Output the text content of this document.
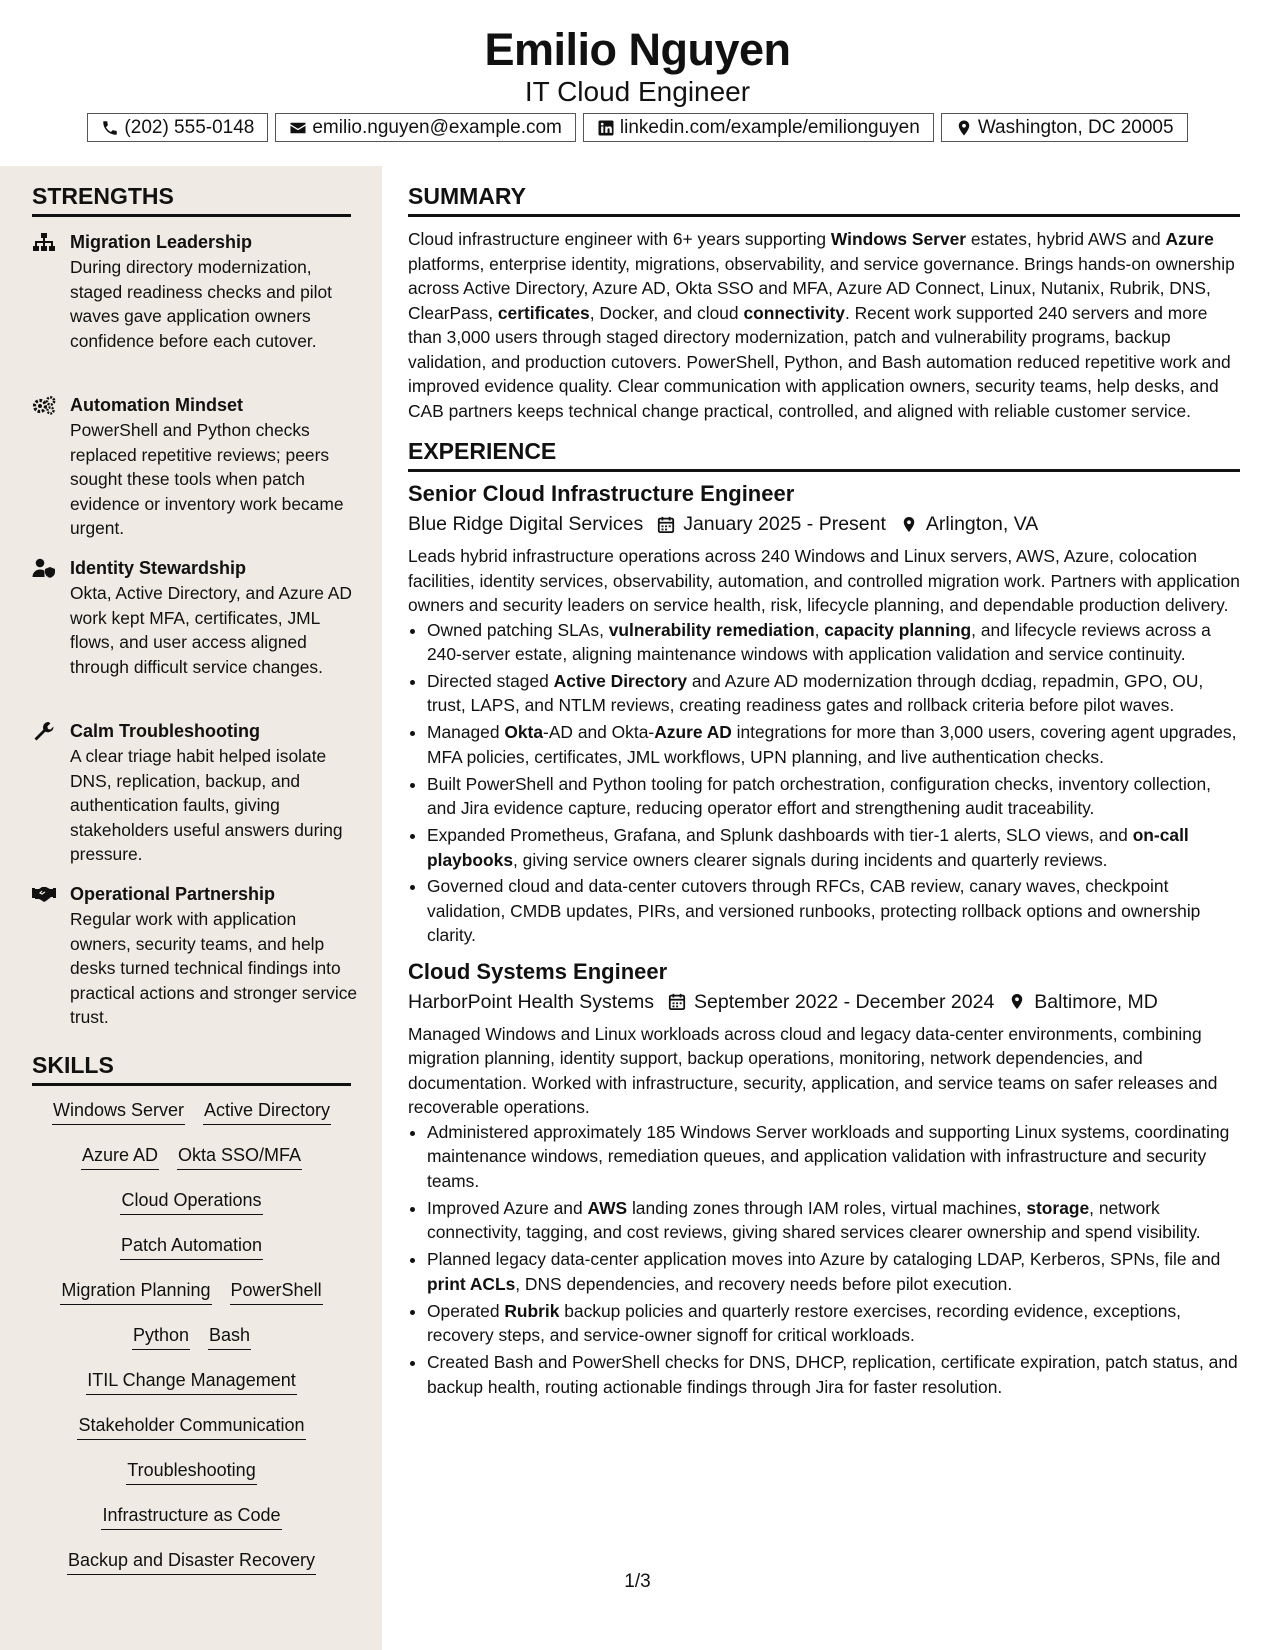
Emilio Nguyen
IT Cloud Engineer
(202) 555-0148	emilio.nguyen@example.com	linkedin.com/example/emilionguyen	Washington, DC 20005
STRENGTHS
Migration Leadership
During directory modernization, staged readiness checks and pilot waves gave application owners confidence before each cutover.
Automation Mindset
PowerShell and Python checks replaced repetitive reviews; peers sought these tools when patch evidence or inventory work became urgent.
Identity Stewardship
Okta, Active Directory, and Azure AD work kept MFA, certificates, JML flows, and user access aligned through difficult service changes.
Calm Troubleshooting
A clear triage habit helped isolate DNS, replication, backup, and authentication faults, giving stakeholders useful answers during pressure.
Operational Partnership
Regular work with application owners, security teams, and help desks turned technical findings into practical actions and stronger service trust.
SKILLS
Windows Server Active Directory
Azure AD Okta SSO/MFA
Cloud Operations
Patch Automation
Migration Planning PowerShell
Python Bash
ITIL Change Management
Stakeholder Communication
Troubleshooting
Infrastructure as Code
Backup and Disaster Recovery
SUMMARY
Cloud infrastructure engineer with 6+ years supporting Windows Server estates, hybrid AWS and Azure platforms, enterprise identity, migrations, observability, and service governance. Brings hands-on ownership across Active Directory, Azure AD, Okta SSO and MFA, Azure AD Connect, Linux, Nutanix, Rubrik, DNS, ClearPass, certificates, Docker, and cloud connectivity. Recent work supported 240 servers and more than 3,000 users through staged directory modernization, patch and vulnerability programs, backup validation, and production cutovers. PowerShell, Python, and Bash automation reduced repetitive work and improved evidence quality. Clear communication with application owners, security teams, help desks, and CAB partners keeps technical change practical, controlled, and aligned with reliable customer service.
EXPERIENCE
Senior Cloud Infrastructure Engineer
Blue Ridge Digital Services January 2025 - Present Arlington, VA
Leads hybrid infrastructure operations across 240 Windows and Linux servers, AWS, Azure, colocation facilities, identity services, observability, automation, and controlled migration work. Partners with application owners and security leaders on service health, risk, lifecycle planning, and dependable production delivery.
• Owned patching SLAs, vulnerability remediation, capacity planning, and lifecycle reviews across a 240-server estate, aligning maintenance windows with application validation and service continuity.
• Directed staged Active Directory and Azure AD modernization through dcdiag, repadmin, GPO, OU, trust, LAPS, and NTLM reviews, creating readiness gates and rollback criteria before pilot waves.
• Managed Okta-AD and Okta-Azure AD integrations for more than 3,000 users, covering agent upgrades, MFA policies, certificates, JML workflows, UPN planning, and live authentication checks.
• Built PowerShell and Python tooling for patch orchestration, configuration checks, inventory collection, and Jira evidence capture, reducing operator effort and strengthening audit traceability.
• Expanded Prometheus, Grafana, and Splunk dashboards with tier-1 alerts, SLO views, and on-call playbooks, giving service owners clearer signals during incidents and quarterly reviews.
• Governed cloud and data-center cutovers through RFCs, CAB review, canary waves, checkpoint validation, CMDB updates, PIRs, and versioned runbooks, protecting rollback options and ownership clarity.
Cloud Systems Engineer
HarborPoint Health Systems September 2022 - December 2024 Baltimore, MD
Managed Windows and Linux workloads across cloud and legacy data-center environments, combining migration planning, identity support, backup operations, monitoring, network dependencies, and documentation. Worked with infrastructure, security, application, and service teams on safer releases and recoverable operations.
• Administered approximately 185 Windows Server workloads and supporting Linux systems, coordinating maintenance windows, remediation queues, and application validation with infrastructure and security teams.
• Improved Azure and AWS landing zones through IAM roles, virtual machines, storage, network connectivity, tagging, and cost reviews, giving shared services clearer ownership and spend visibility.
• Planned legacy data-center application moves into Azure by cataloging LDAP, Kerberos, SPNs, file and print ACLs, DNS dependencies, and recovery needs before pilot execution.
• Operated Rubrik backup policies and quarterly restore exercises, recording evidence, exceptions, recovery steps, and service-owner signoff for critical workloads.
• Created Bash and PowerShell checks for DNS, DHCP, replication, certificate expiration, patch status, and backup health, routing actionable findings through Jira for faster resolution.
1/3
